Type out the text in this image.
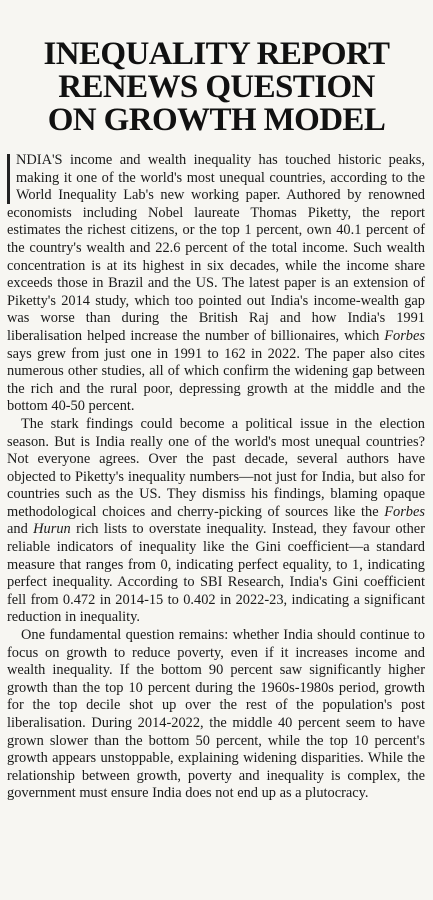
INEQUALITY REPORT
RENEWS QUESTION
ON GROWTH MODEL

NDIA'S income and wealth inequality has touched historic peaks, making it one of the world's most unequal countries, according to the World Inequality Lab's new working paper. Authored by renowned economists including Nobel laureate Thomas Piketty, the report estimates the richest citizens, or the top 1 percent, own 40.1 percent of the country's wealth and 22.6 percent of the total income. Such wealth concentration is at its highest in six decades, while the income share exceeds those in Brazil and the US. The latest paper is an extension of Piketty's 2014 study, which too pointed out India's income-wealth gap was worse than during the British Raj and how India's 1991 liberalisation helped increase the number of billionaires, which Forbes says grew from just one in 1991 to 162 in 2022. The paper also cites numerous other studies, all of which confirm the widening gap between the rich and the rural poor, depressing growth at the middle and the bottom 40-50 percent.

The stark findings could become a political issue in the election season. But is India really one of the world's most unequal countries? Not everyone agrees. Over the past decade, several authors have objected to Piketty's inequality numbers—not just for India, but also for countries such as the US. They dismiss his findings, blaming opaque methodological choices and cherry-picking of sources like the Forbes and Hurun rich lists to overstate inequality. Instead, they favour other reliable indicators of inequality like the Gini coefficient—a standard measure that ranges from 0, indicating perfect equality, to 1, indicating perfect inequality. According to SBI Research, India's Gini coefficient fell from 0.472 in 2014-15 to 0.402 in 2022-23, indicating a significant reduction in inequality.

One fundamental question remains: whether India should continue to focus on growth to reduce poverty, even if it increases income and wealth inequality. If the bottom 90 percent saw significantly higher growth than the top 10 percent during the 1960s-1980s period, growth for the top decile shot up over the rest of the population's post liberalisation. During 2014-2022, the middle 40 percent seem to have grown slower than the bottom 50 percent, while the top 10 percent's growth appears unstoppable, explaining widening disparities. While the relationship between growth, poverty and inequality is complex, the government must ensure India does not end up as a plutocracy.
